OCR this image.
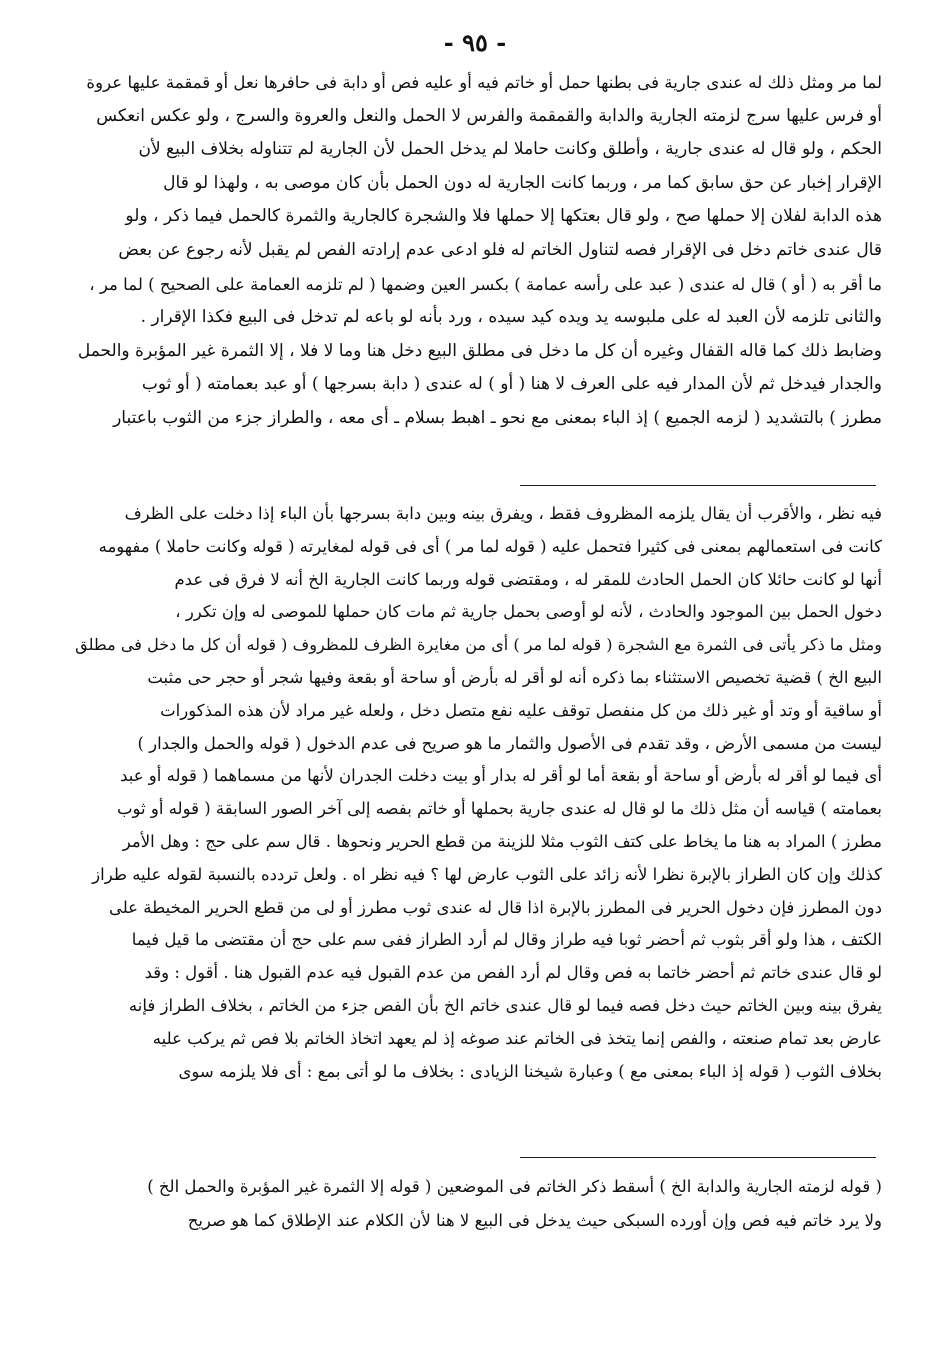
- ٩٥ -
لما مر ومثل ذلك له عندى جارية فى بطنها حمل أو خاتم فيه أو عليه فص أو دابة فى حافرها نعل أو قمقمة عليها عروة
أو فرس عليها سرج لزمته الجارية والدابة والقمقمة والفرس لا الحمل والنعل والعروة والسرج ، ولو عكس انعكس
الحكم ، ولو قال له عندى جارية ، وأطلق وكانت حاملا لم يدخل الحمل لأن الجارية لم تتناوله بخلاف البيع لأن
الإقرار إخبار عن حق سابق كما مر ، وربما كانت الجارية له دون الحمل بأن كان موصى به ، ولهذا لو قال
هذه الدابة لفلان إلا حملها صح ، ولو قال بعتكها إلا حملها فلا والشجرة كالجارية والثمرة كالحمل فيما ذكر ، ولو
قال عندى خاتم دخل فى الإقرار فصه لتناول الخاتم له فلو ادعى عدم إرادته الفص لم يقبل لأنه رجوع عن بعض
ما أقر به ( أو ) قال له عندى ( عبد على رأسه عمامة ) بكسر العين وضمها ( لم تلزمه العمامة على الصحيح ) لما مر ،
والثانى تلزمه لأن العبد له على ملبوسه يد ويده كيد سيده ، ورد بأنه لو باعه لم تدخل فى البيع فكذا الإقرار .
وضابط ذلك كما قاله القفال وغيره أن كل ما دخل فى مطلق البيع دخل هنا وما لا فلا ، إلا الثمرة غير المؤبرة والحمل
والجدار فيدخل ثم لأن المدار فيه على العرف لا هنا ( أو ) له عندى ( دابة بسرجها ) أو عبد بعمامته ( أو ثوب
مطرز ) بالتشديد ( لزمه الجميع ) إذ الباء بمعنى مع نحو ـ اهبط بسلام ـ أى معه ، والطراز جزء من الثوب باعتبار
فيه نظر ، والأقرب أن يقال يلزمه المظروف فقط ، ويفرق بينه وبين دابة بسرجها بأن الباء إذا دخلت على الظرف
كانت فى استعمالهم بمعنى فى كثيرا فتحمل عليه ( قوله لما مر ) أى فى قوله لمغايرته ( قوله وكانت حاملا ) مفهومه
أنها لو كانت حائلا كان الحمل الحادث للمقر له ، ومقتضى قوله وربما كانت الجارية الخ أنه لا فرق فى عدم
دخول الحمل بين الموجود والحادث ، لأنه لو أوصى بحمل جارية ثم مات كان حملها للموصى له وإن تكرر ،
ومثل ما ذكر يأتى فى الثمرة مع الشجرة ( قوله لما مر ) أى من مغايرة الظرف للمظروف ( قوله أن كل ما دخل فى مطلق
البيع الخ ) قضية تخصيص الاستثناء بما ذكره أنه لو أقر له بأرض أو ساحة أو بقعة وفيها شجر أو حجر حى مثبت
أو ساقية أو وتد أو غير ذلك من كل منفصل توقف عليه نفع متصل دخل ، ولعله غير مراد لأن هذه المذكورات
ليست من مسمى الأرض ، وقد تقدم فى الأصول والثمار ما هو صريح فى عدم الدخول ( قوله والحمل والجدار )
أى فيما لو أقر له بأرض أو ساحة أو بقعة أما لو أقر له بدار أو بيت دخلت الجدران لأنها من مسماهما ( قوله أو عبد
بعمامته ) قياسه أن مثل ذلك ما لو قال له عندى جارية بحملها أو خاتم بفصه إلى آخر الصور السابقة ( قوله أو ثوب
مطرز ) المراد به هنا ما يخاط على كتف الثوب مثلا للزينة من قطع الحرير ونحوها . قال سم على حج : وهل الأمر
كذلك وإن كان الطراز بالإبرة نظرا لأنه زائد على الثوب عارض لها ؟ فيه نظر اه . ولعل تردده بالنسبة لقوله عليه طراز
دون المطرز فإن دخول الحرير فى المطرز بالإبرة اذا قال له عندى ثوب مطرز أو لى من قطع الحرير المخيطة على
الكتف ، هذا ولو أقر بثوب ثم أحضر ثوبا فيه طراز وقال لم أرد الطراز ففى سم على حج أن مقتضى ما قيل فيما
لو قال عندى خاتم ثم أحضر خاتما به فص وقال لم أرد الفص من عدم القبول فيه عدم القبول هنا . أقول : وقد
يفرق بينه وبين الخاتم حيث دخل فصه فيما لو قال عندى خاتم الخ بأن الفص جزء من الخاتم ، بخلاف الطراز فإنه
عارض بعد تمام صنعته ، والفص إنما يتخذ فى الخاتم عند صوغه إذ لم يعهد اتخاذ الخاتم بلا فص ثم يركب عليه
بخلاف الثوب ( قوله إذ الباء بمعنى مع ) وعبارة شيخنا الزيادى : بخلاف ما لو أتى بمع : أى فلا يلزمه سوى
( قوله لزمته الجارية والدابة الخ ) أسقط ذكر الخاتم فى الموضعين ( قوله إلا الثمرة غير المؤبرة والحمل الخ )
ولا يرد خاتم فيه فص وإن أورده السبكى حيث يدخل فى البيع لا هنا لأن الكلام عند الإطلاق كما هو صريح
